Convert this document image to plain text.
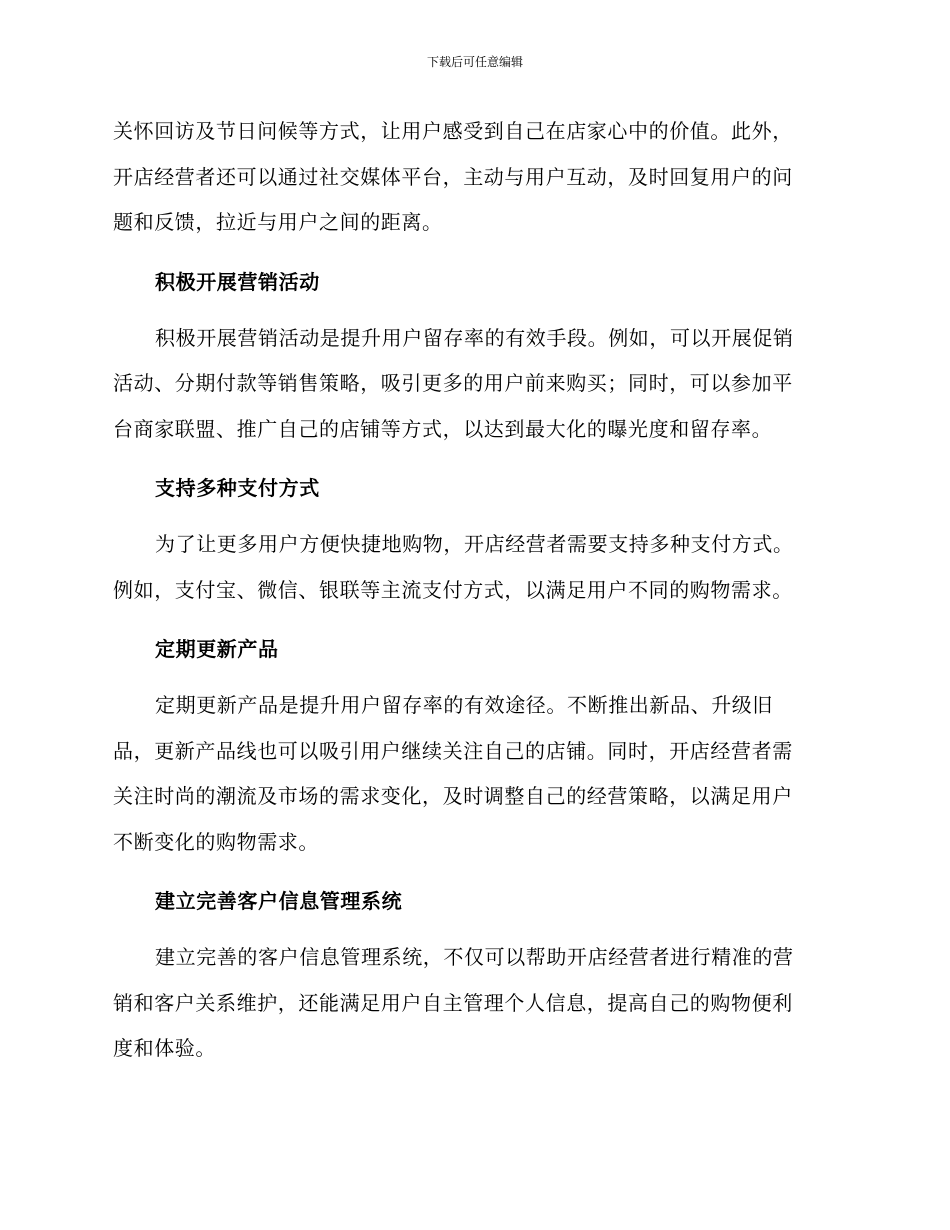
下载后可任意编辑

关怀回访及节日问候等方式，让用户感受到自己在店家心中的价值。此外，
开店经营者还可以通过社交媒体平台，主动与用户互动，及时回复用户的问
题和反馈，拉近与用户之间的距离。

积极开展营销活动

积极开展营销活动是提升用户留存率的有效手段。例如，可以开展促销
活动、分期付款等销售策略，吸引更多的用户前来购买；同时，可以参加平
台商家联盟、推广自己的店铺等方式，以达到最大化的曝光度和留存率。

支持多种支付方式

为了让更多用户方便快捷地购物，开店经营者需要支持多种支付方式。
例如，支付宝、微信、银联等主流支付方式，以满足用户不同的购物需求。

定期更新产品

定期更新产品是提升用户留存率的有效途径。不断推出新品、升级旧
品，更新产品线也可以吸引用户继续关注自己的店铺。同时，开店经营者需
关注时尚的潮流及市场的需求变化，及时调整自己的经营策略，以满足用户
不断变化的购物需求。

建立完善客户信息管理系统

建立完善的客户信息管理系统，不仅可以帮助开店经营者进行精准的营
销和客户关系维护，还能满足用户自主管理个人信息，提高自己的购物便利
度和体验。
